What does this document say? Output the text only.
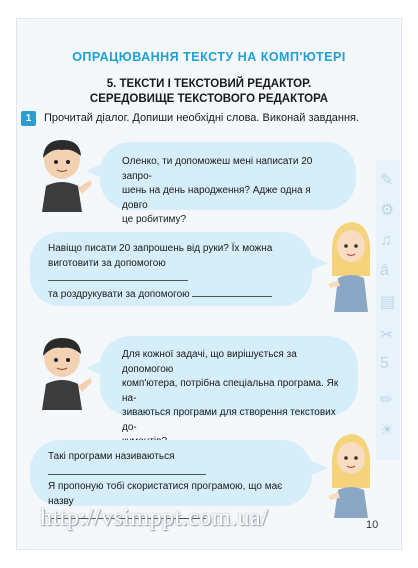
ОПРАЦЮВАННЯ ТЕКСТУ НА КОМП'ЮТЕРІ
5. ТЕКСТИ І ТЕКСТОВИЙ РЕДАКТОР.
СЕРЕДОВИЩЕ ТЕКСТОВОГО РЕДАКТОРА
1	Прочитай діалог. Допиши необхідні слова. Виконай завдання.
✎
⚙
♫
ā
▤
✂
5
✏
☀
Оленко, ти допоможеш мені написати 20 запро-
шень на день народження? Адже одна я довго
це робитиму?
Навіщо писати 20 запрошень від руки? Їх можна
виготовити за допомогою
та роздрукувати за допомогою
Для кожної задачі, що вирішується за допомогою
комп'ютера, потрібна спеціальна програма. Як на-
зиваються програми для створення текстових до-
Такі програми називаються
Я пропоную тобі скористатися програмою, що має назву
http://vsimppt.com.ua/	10
